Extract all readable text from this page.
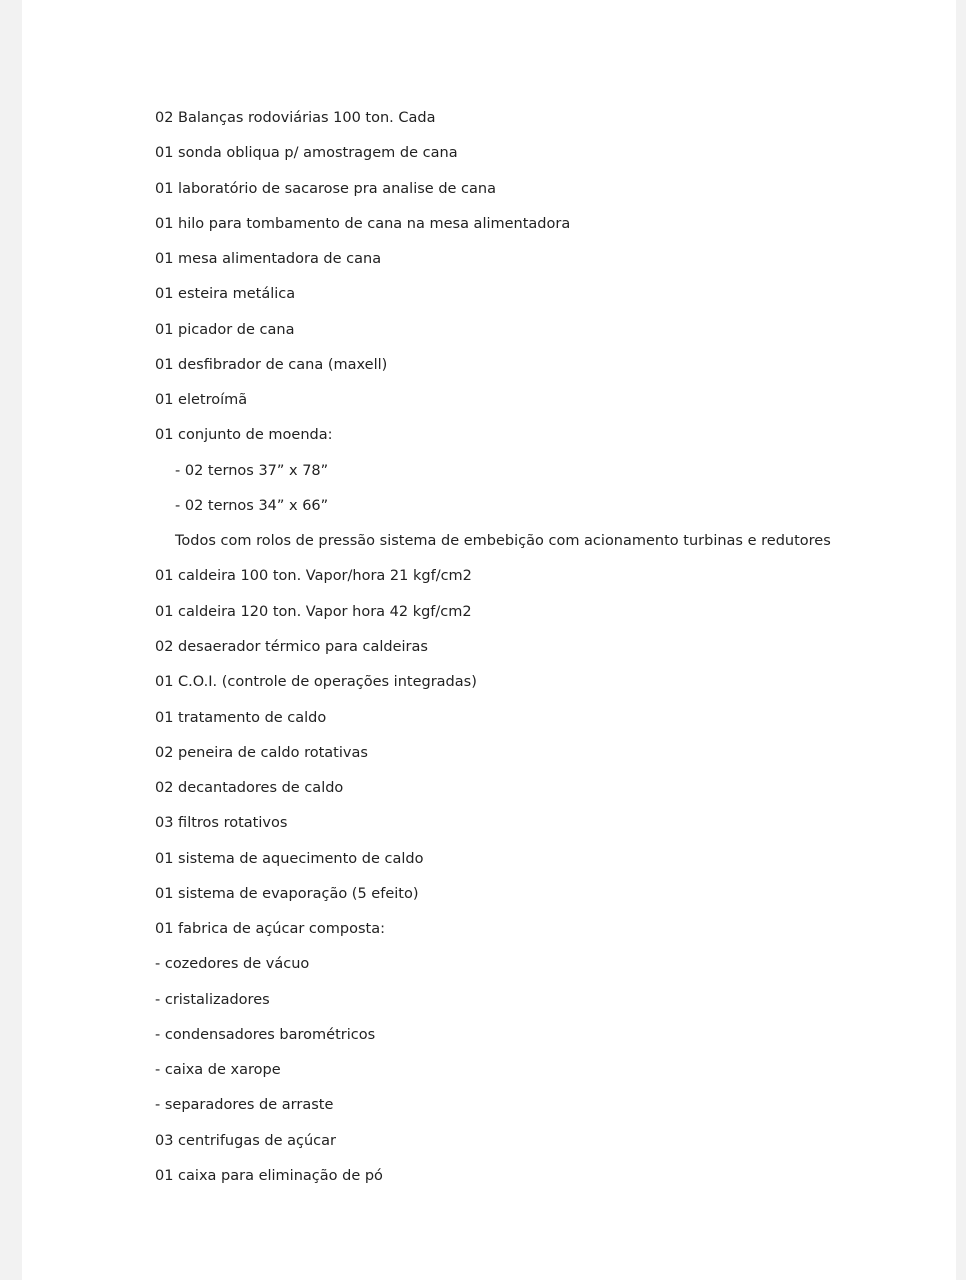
02 Balanças rodoviárias 100 ton. Cada
01 sonda obliqua p/ amostragem de cana
01 laboratório de sacarose pra analise de cana
01 hilo para tombamento de cana na mesa alimentadora
01 mesa alimentadora de cana
01 esteira metálica
01 picador de cana
01 desfibrador de cana (maxell)
01 eletroímã
01 conjunto de moenda:
- 02 ternos 37” x 78”
- 02 ternos 34” x 66”
Todos com rolos de pressão sistema de embebição com acionamento turbinas e redutores
01 caldeira 100 ton. Vapor/hora 21 kgf/cm2
01 caldeira 120 ton. Vapor hora 42 kgf/cm2
02 desaerador térmico para caldeiras
01 C.O.I. (controle de operações integradas)
01 tratamento de caldo
02 peneira de caldo rotativas
02 decantadores de caldo
03 filtros rotativos
01 sistema de aquecimento de caldo
01 sistema de evaporação (5 efeito)
01 fabrica de açúcar composta:
- cozedores de vácuo
- cristalizadores
- condensadores barométricos
- caixa de xarope
- separadores de arraste
03 centrifugas de açúcar
01 caixa para eliminação de pó
